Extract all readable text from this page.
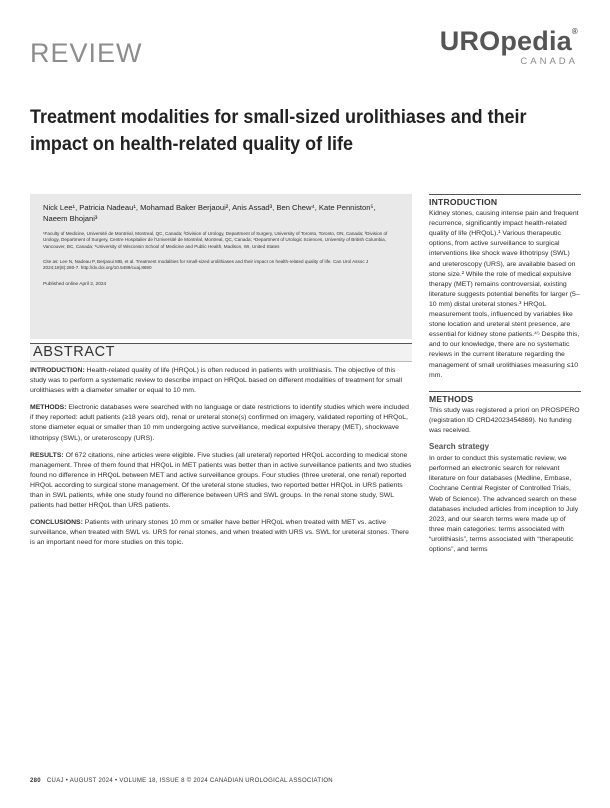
REVIEW	UROpedia®
CANADA
Treatment modalities for small-sized urolithiases and their impact on health-related quality of life
Nick Lee¹, Patricia Nadeau¹, Mohamad Baker Berjaoui², Anis Assad³, Ben Chew⁴, Kate Penniston⁵, Naeem Bhojani³
¹Faculty of Medicine, Université de Montréal, Montreal, QC, Canada; ²Division of Urology, Department of Surgery, University of Toronto, Toronto, ON, Canada; ³Division of Urology, Department of Surgery, Centre Hospitalier de l'Université de Montréal, Montreal, QC, Canada; ⁴Department of Urologic Sciences, University of British Columbia, Vancouver, BC, Canada; ⁵University of Wisconsin School of Medicine and Public Health, Madison, WI, United States
Cite as: Lee N, Nadeau P, Berjaoui MB, et al. Treatment modalities for small-sized urolithiases and their impact on health-related quality of life. Can Urol Assoc J 2024;18(8):280-7. http://dx.doi.org/10.5489/cuaj.8690
Published online April 2, 2024
ABSTRACT

INTRODUCTION: Health-related quality of life (HRQoL) is often reduced in patients with urolithiasis. The objective of this study was to perform a systematic review to describe impact on HRQoL based on different modalities of treatment for small urolithiases with a diameter smaller or equal to 10 mm.

METHODS: Electronic databases were searched with no language or date restrictions to identify studies which were included if they reported: adult patients (≥18 years old), renal or ureteral stone(s) confirmed on imagery, validated reporting of HRQoL, stone diameter equal or smaller than 10 mm undergoing active surveillance, medical expulsive therapy (MET), shockwave lithotripsy (SWL), or ureteroscopy (URS).

RESULTS: Of 672 citations, nine articles were eligible. Five studies (all ureteral) reported HRQoL according to medical stone management. Three of them found that HRQoL in MET patients was better than in active surveillance patients and two studies found no difference in HRQoL between MET and active surveillance groups. Four studies (three ureteral, one renal) reported HRQoL according to surgical stone management. Of the ureteral stone studies, two reported better HRQoL in URS patients than in SWL patients, while one study found no difference between URS and SWL groups. In the renal stone study, SWL patients had better HRQoL than URS patients.

CONCLUSIONS: Patients with urinary stones 10 mm or smaller have better HRQoL when treated with MET vs. active surveillance, when treated with SWL vs. URS for renal stones, and when treated with URS vs. SWL for ureteral stones. There is an important need for more studies on this topic.

INTRODUCTION

Kidney stones, causing intense pain and frequent recurrence, significantly impact health-related quality of life (HRQoL).¹ Various therapeutic options, from active surveillance to surgical interventions like shock wave lithotripsy (SWL) and ureteroscopy (URS), are available based on stone size.² While the role of medical expulsive therapy (MET) remains controversial, existing literature suggests potential benefits for larger (5–10 mm) distal ureteral stones.³ HRQoL measurement tools, influenced by variables like stone location and ureteral stent presence, are essential for kidney stone patients.⁴⁵ Despite this, and to our knowledge, there are no systematic reviews in the current literature regarding the management of small urolithiases measuring ≤10 mm.

METHODS

This study was registered a priori on PROSPERO (registration ID CRD42023454869). No funding was received.

Search strategy

In order to conduct this systematic review, we performed an electronic search for relevant literature on four databases (Medline, Embase, Cochrane Central Register of Controlled Trials, Web of Science). The advanced search on these databases included articles from inception to July 2023, and our search terms were made up of three main categories: terms associated with “urolithiasis”, terms associated with “therapeutic options”, and terms

280 CUAJ • AUGUST 2024 • VOLUME 18, ISSUE 8 © 2024 CANADIAN UROLOGICAL ASSOCIATION
